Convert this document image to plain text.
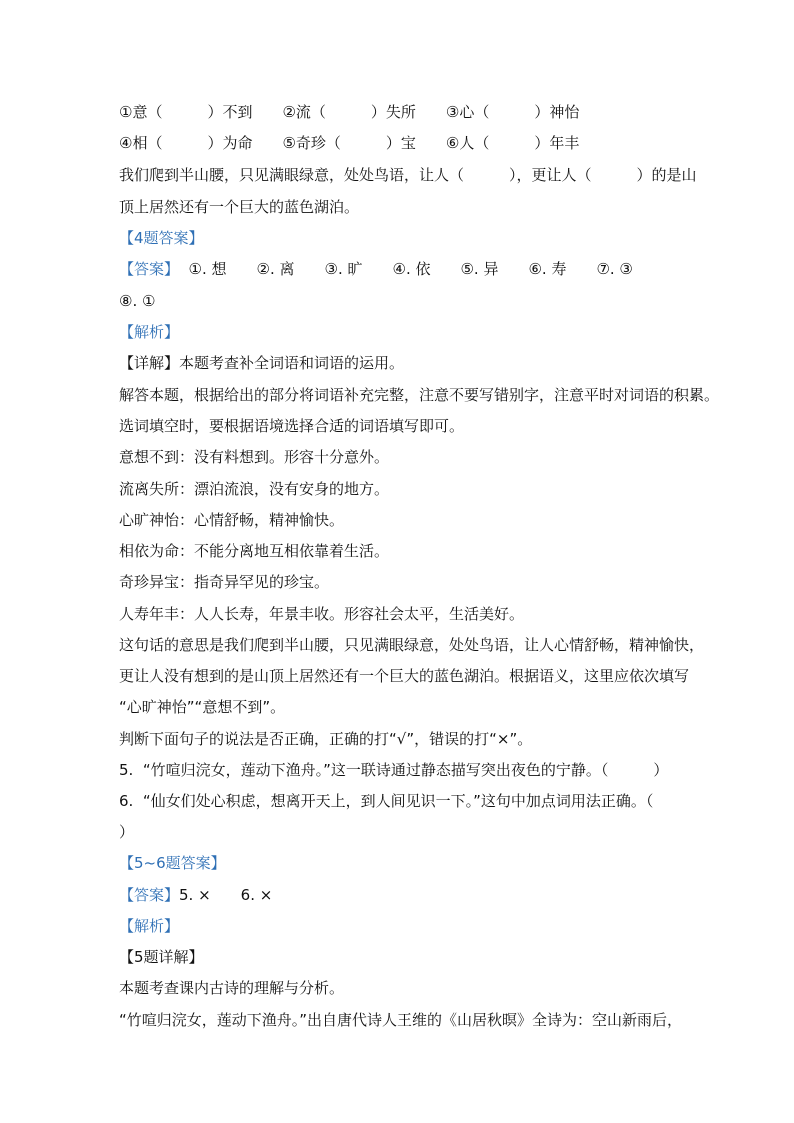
①意（　　　）不到　　②流（　　　）失所　　③心（　　　）神怡
④相（　　　）为命　　⑤奇珍（　　　）宝　　⑥人（　　　）年丰
我们爬到半山腰，只见满眼绿意，处处鸟语，让人（　　　），更让人（　　　）的是山
顶上居然还有一个巨大的蓝色湖泊。
【4题答案】
【答案】  ①. 想　　②. 离　　③. 旷　　④. 依　　⑤. 异　　⑥. 寿　　⑦. ③
⑧. ①
【解析】
【详解】本题考查补全词语和词语的运用。
解答本题，根据给出的部分将词语补充完整，注意不要写错别字，注意平时对词语的积累。
选词填空时，要根据语境选择合适的词语填写即可。
意想不到：没有料想到。形容十分意外。
流离失所：漂泊流浪，没有安身的地方。
心旷神怡：心情舒畅，精神愉快。
相依为命：不能分离地互相依靠着生活。
奇珍异宝：指奇异罕见的珍宝。
人寿年丰：人人长寿，年景丰收。形容社会太平，生活美好。
这句话的意思是我们爬到半山腰，只见满眼绿意，处处鸟语，让人心情舒畅，精神愉快，
更让人没有想到的是山顶上居然还有一个巨大的蓝色湖泊。根据语义，这里应依次填写
“心旷神怡”“意想不到”。
判断下面句子的说法是否正确，正确的打“√”，错误的打“×”。
5.  “竹喧归浣女，莲动下渔舟。”这一联诗通过静态描写突出夜色的宁静。（　　　）
6.  “仙女们处心积虑，想离开天上，到人间见识一下。”这句中加点词用法正确。（
）
【5~6题答案】
【答案】5. ×　　6. ×
【解析】
【5题详解】
本题考查课内古诗的理解与分析。
“竹喧归浣女，莲动下渔舟。”出自唐代诗人王维的《山居秋暝》全诗为：空山新雨后，
